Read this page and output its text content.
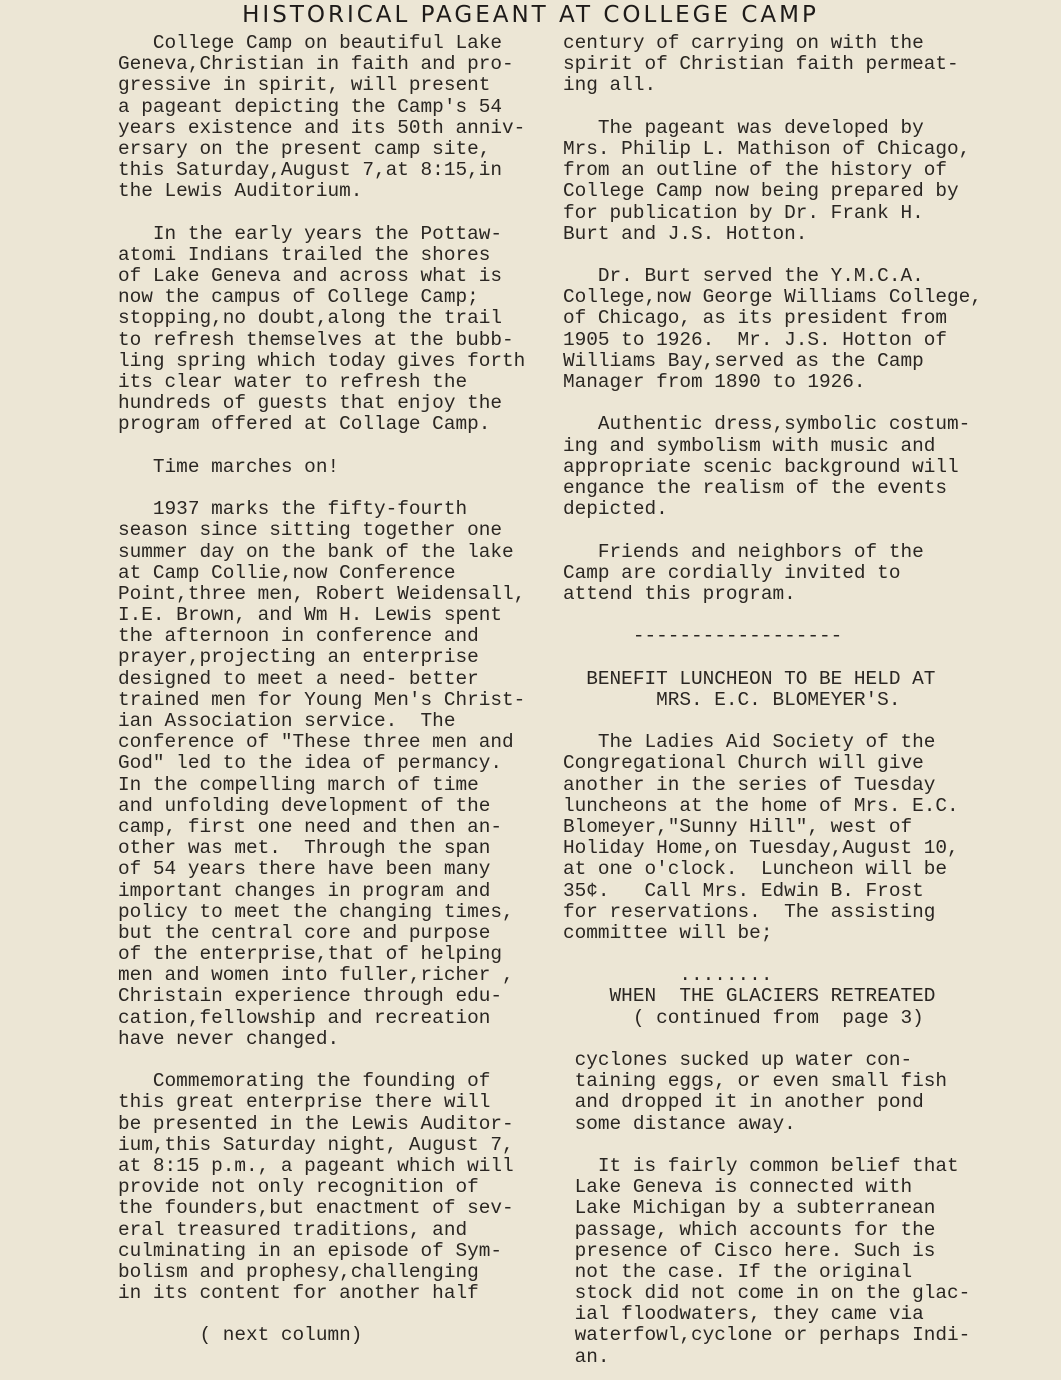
HISTORICAL PAGEANT AT COLLEGE CAMP
College Camp on beautiful Lake
Geneva,Christian in faith and pro-
gressive in spirit, will present
a pageant depicting the Camp's 54
years existence and its 50th anniv-
ersary on the present camp site,
this Saturday,August 7,at 8:15,in
the Lewis Auditorium.
In the early years the Pottaw-
atomi Indians trailed the shores
of Lake Geneva and across what is
now the campus of College Camp;
stopping,no doubt,along the trail
to refresh themselves at the bubb-
ling spring which today gives forth
its clear water to refresh the
hundreds of guests that enjoy the
program offered at Collage Camp.
Time marches on!
1937 marks the fifty-fourth
season since sitting together one
summer day on the bank of the lake
at Camp Collie,now Conference
Point,three men, Robert Weidensall,
I.E. Brown, and Wm H. Lewis spent
the afternoon in conference and
prayer,projecting an enterprise
designed to meet a need- better
trained men for Young Men's Christ-
ian Association service.  The
conference of "These three men and
God" led to the idea of permancy.
In the compelling march of time
and unfolding development of the
camp, first one need and then an-
other was met.  Through the span
of 54 years there have been many
important changes in program and
policy to meet the changing times,
but the central core and purpose
of the enterprise,that of helping
men and women into fuller,richer ,
Christain experience through edu-
cation,fellowship and recreation
have never changed.
Commemorating the founding of
this great enterprise there will
be presented in the Lewis Auditor-
ium,this Saturday night, August 7,
at 8:15 p.m., a pageant which will
provide not only recognition of
the founders,but enactment of sev-
eral treasured traditions, and
culminating in an episode of Sym-
bolism and prophesy,challenging
in its content for another half
( next column)
century of carrying on with the
spirit of Christian faith permeat-
ing all.
The pageant was developed by
Mrs. Philip L. Mathison of Chicago,
from an outline of the history of
College Camp now being prepared by
for publication by Dr. Frank H.
Burt and J.S. Hotton.
Dr. Burt served the Y.M.C.A.
College,now George Williams College,
of Chicago, as its president from
1905 to 1926.  Mr. J.S. Hotton of
Williams Bay,served as the Camp
Manager from 1890 to 1926.
Authentic dress,symbolic costum-
ing and symbolism with music and
appropriate scenic background will
engance the realism of the events
depicted.
Friends and neighbors of the
Camp are cordially invited to
attend this program.
------------------
BENEFIT LUNCHEON TO BE HELD AT
MRS. E.C. BLOMEYER'S.
The Ladies Aid Society of the
Congregational Church will give
another in the series of Tuesday
luncheons at the home of Mrs. E.C.
Blomeyer,"Sunny Hill", west of
Holiday Home,on Tuesday,August 10,
at one o'clock.  Luncheon will be
35¢.   Call Mrs. Edwin B. Frost
for reservations.  The assisting
committee will be;
........
WHEN  THE GLACIERS RETREATED
( continued from  page 3)
cyclones sucked up water con-
taining eggs, or even small fish
and dropped it in another pond
some distance away.
It is fairly common belief that
Lake Geneva is connected with
Lake Michigan by a subterranean
passage, which accounts for the
presence of Cisco here. Such is
not the case. If the original
stock did not come in on the glac-
ial floodwaters, they came via
waterfowl,cyclone or perhaps Indi-
an.
